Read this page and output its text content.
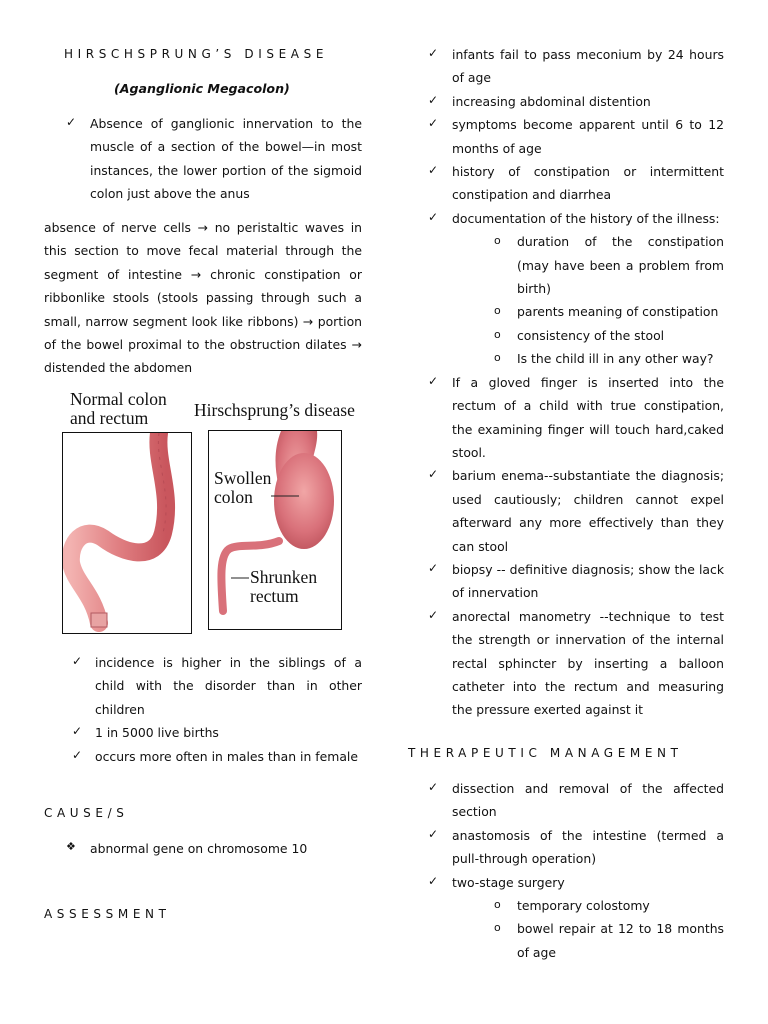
HIRSCHSPRUNG’S DISEASE
(Aganglionic Megacolon)
✓ Absence of ganglionic innervation to the muscle of a section of the bowel—in most instances, the lower portion of the sigmoid colon just above the anus
absence of nerve cells → no peristaltic waves in this section to move fecal material through the segment of intestine → chronic constipation or ribbonlike stools (stools passing through such a small, narrow segment look like ribbons) → portion of the bowel proximal to the obstruction dilates → distended the abdomen
Normal colon
and rectum	Hirschsprung’s disease
Swollen
colon
Shrunken
rectum
✓ incidence is higher in the siblings of a child with the disorder than in other children
✓ 1 in 5000 live births
✓ occurs more often in males than in female
CAUSE/S
❖ abnormal gene on chromosome 10
ASSESSMENT
✓ infants fail to pass meconium by 24 hours of age
✓ increasing abdominal distention
✓ symptoms become apparent until 6 to 12 months of age
✓ history of constipation or intermittent constipation and diarrhea
✓ documentation of the history of the illness:
o duration of the constipation (may have been a problem from birth)
o parents meaning of constipation
o consistency of the stool
o Is the child ill in any other way?
✓ If a gloved finger is inserted into the rectum of a child with true constipation, the examining finger will touch hard,caked stool.
✓ barium enema--substantiate the diagnosis; used cautiously; children cannot expel afterward any more effectively than they can stool
✓ biopsy -- definitive diagnosis; show the lack of innervation
✓ anorectal manometry --technique to test the strength or innervation of the internal rectal sphincter by inserting a balloon catheter into the rectum and measuring the pressure exerted against it
THERAPEUTIC MANAGEMENT
✓ dissection and removal of the affected section
✓ anastomosis of the intestine (termed a pull-through operation)
✓ two-stage surgery
o temporary colostomy
o bowel repair at 12 to 18 months of age
